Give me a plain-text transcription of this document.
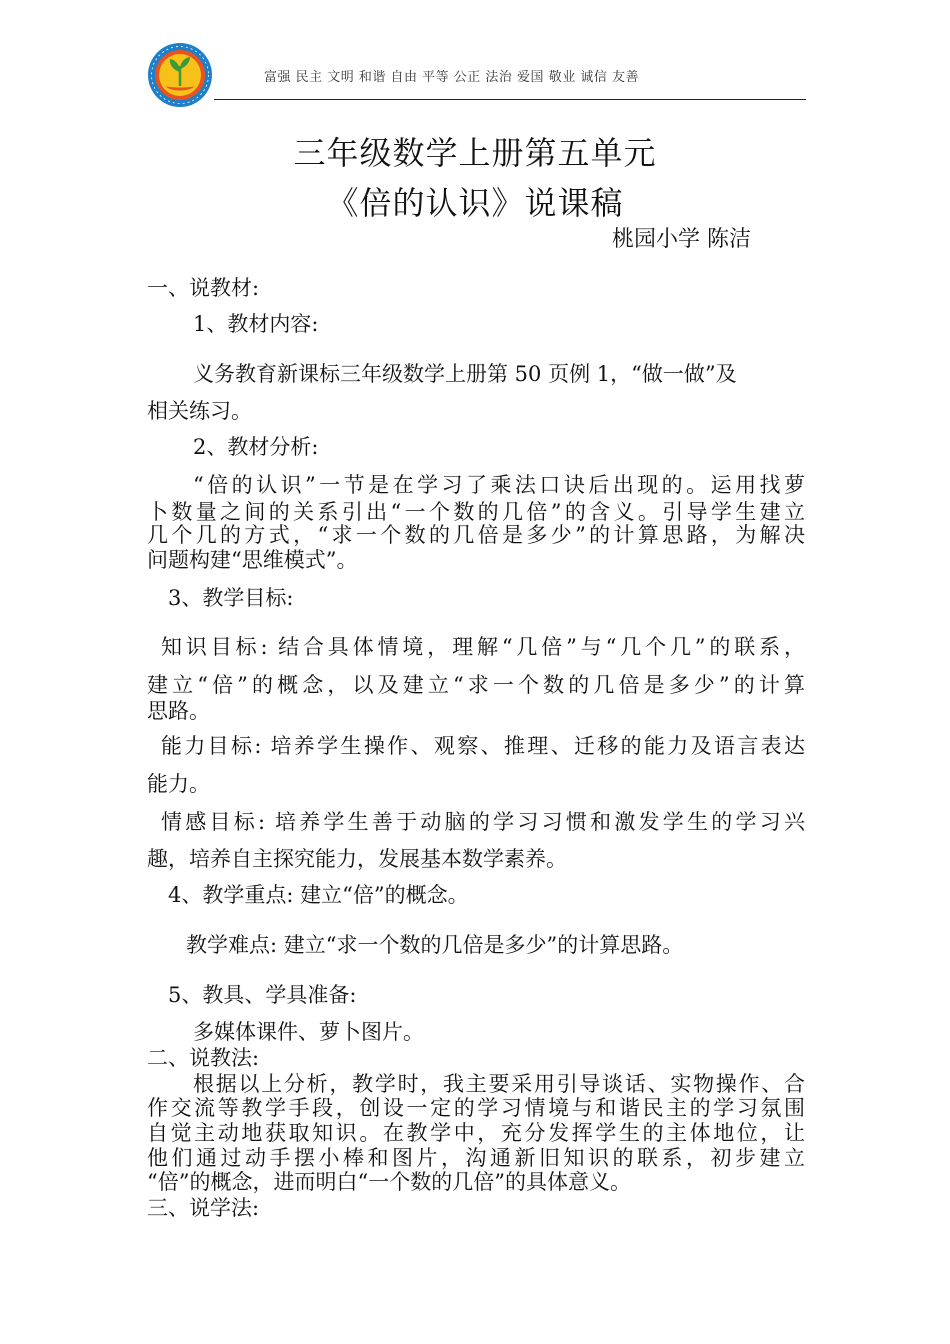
富强 民主 文明 和谐 自由 平等 公正 法治 爱国 敬业 诚信 友善
三年级数学上册第五单元
《倍的认识》说课稿
桃园小学 陈洁
一、说教材:
1、教材内容:
义务教育新课标三年级数学上册第 50 页例 1，“做一做”及
相关练习。
2、教材分析:
“倍的认识”一节是在学习了乘法口诀后出现的。运用找萝
卜数量之间的关系引出“一个数的几倍”的含义。引导学生建立
几个几的方式，“求一个数的几倍是多少”的计算思路，为解决
问题构建“思维模式”。
3、教学目标:
知识目标: 结合具体情境，理解“几倍”与“几个几”的联系，
建立“倍”的概念，以及建立“求一个数的几倍是多少”的计算
思路。
能力目标: 培养学生操作、观察、推理、迁移的能力及语言表达
能力。
情感目标: 培养学生善于动脑的学习习惯和激发学生的学习兴
趣，培养自主探究能力，发展基本数学素养。
4、教学重点: 建立“倍”的概念。
教学难点: 建立“求一个数的几倍是多少”的计算思路。
5、教具、学具准备:
多媒体课件、萝卜图片。
二、说教法:
根据以上分析，教学时，我主要采用引导谈话、实物操作、合
作交流等教学手段，创设一定的学习情境与和谐民主的学习氛围
自觉主动地获取知识。在教学中，充分发挥学生的主体地位，让
他们通过动手摆小棒和图片，沟通新旧知识的联系，初步建立
“倍”的概念，进而明白“一个数的几倍”的具体意义。
三、说学法:
